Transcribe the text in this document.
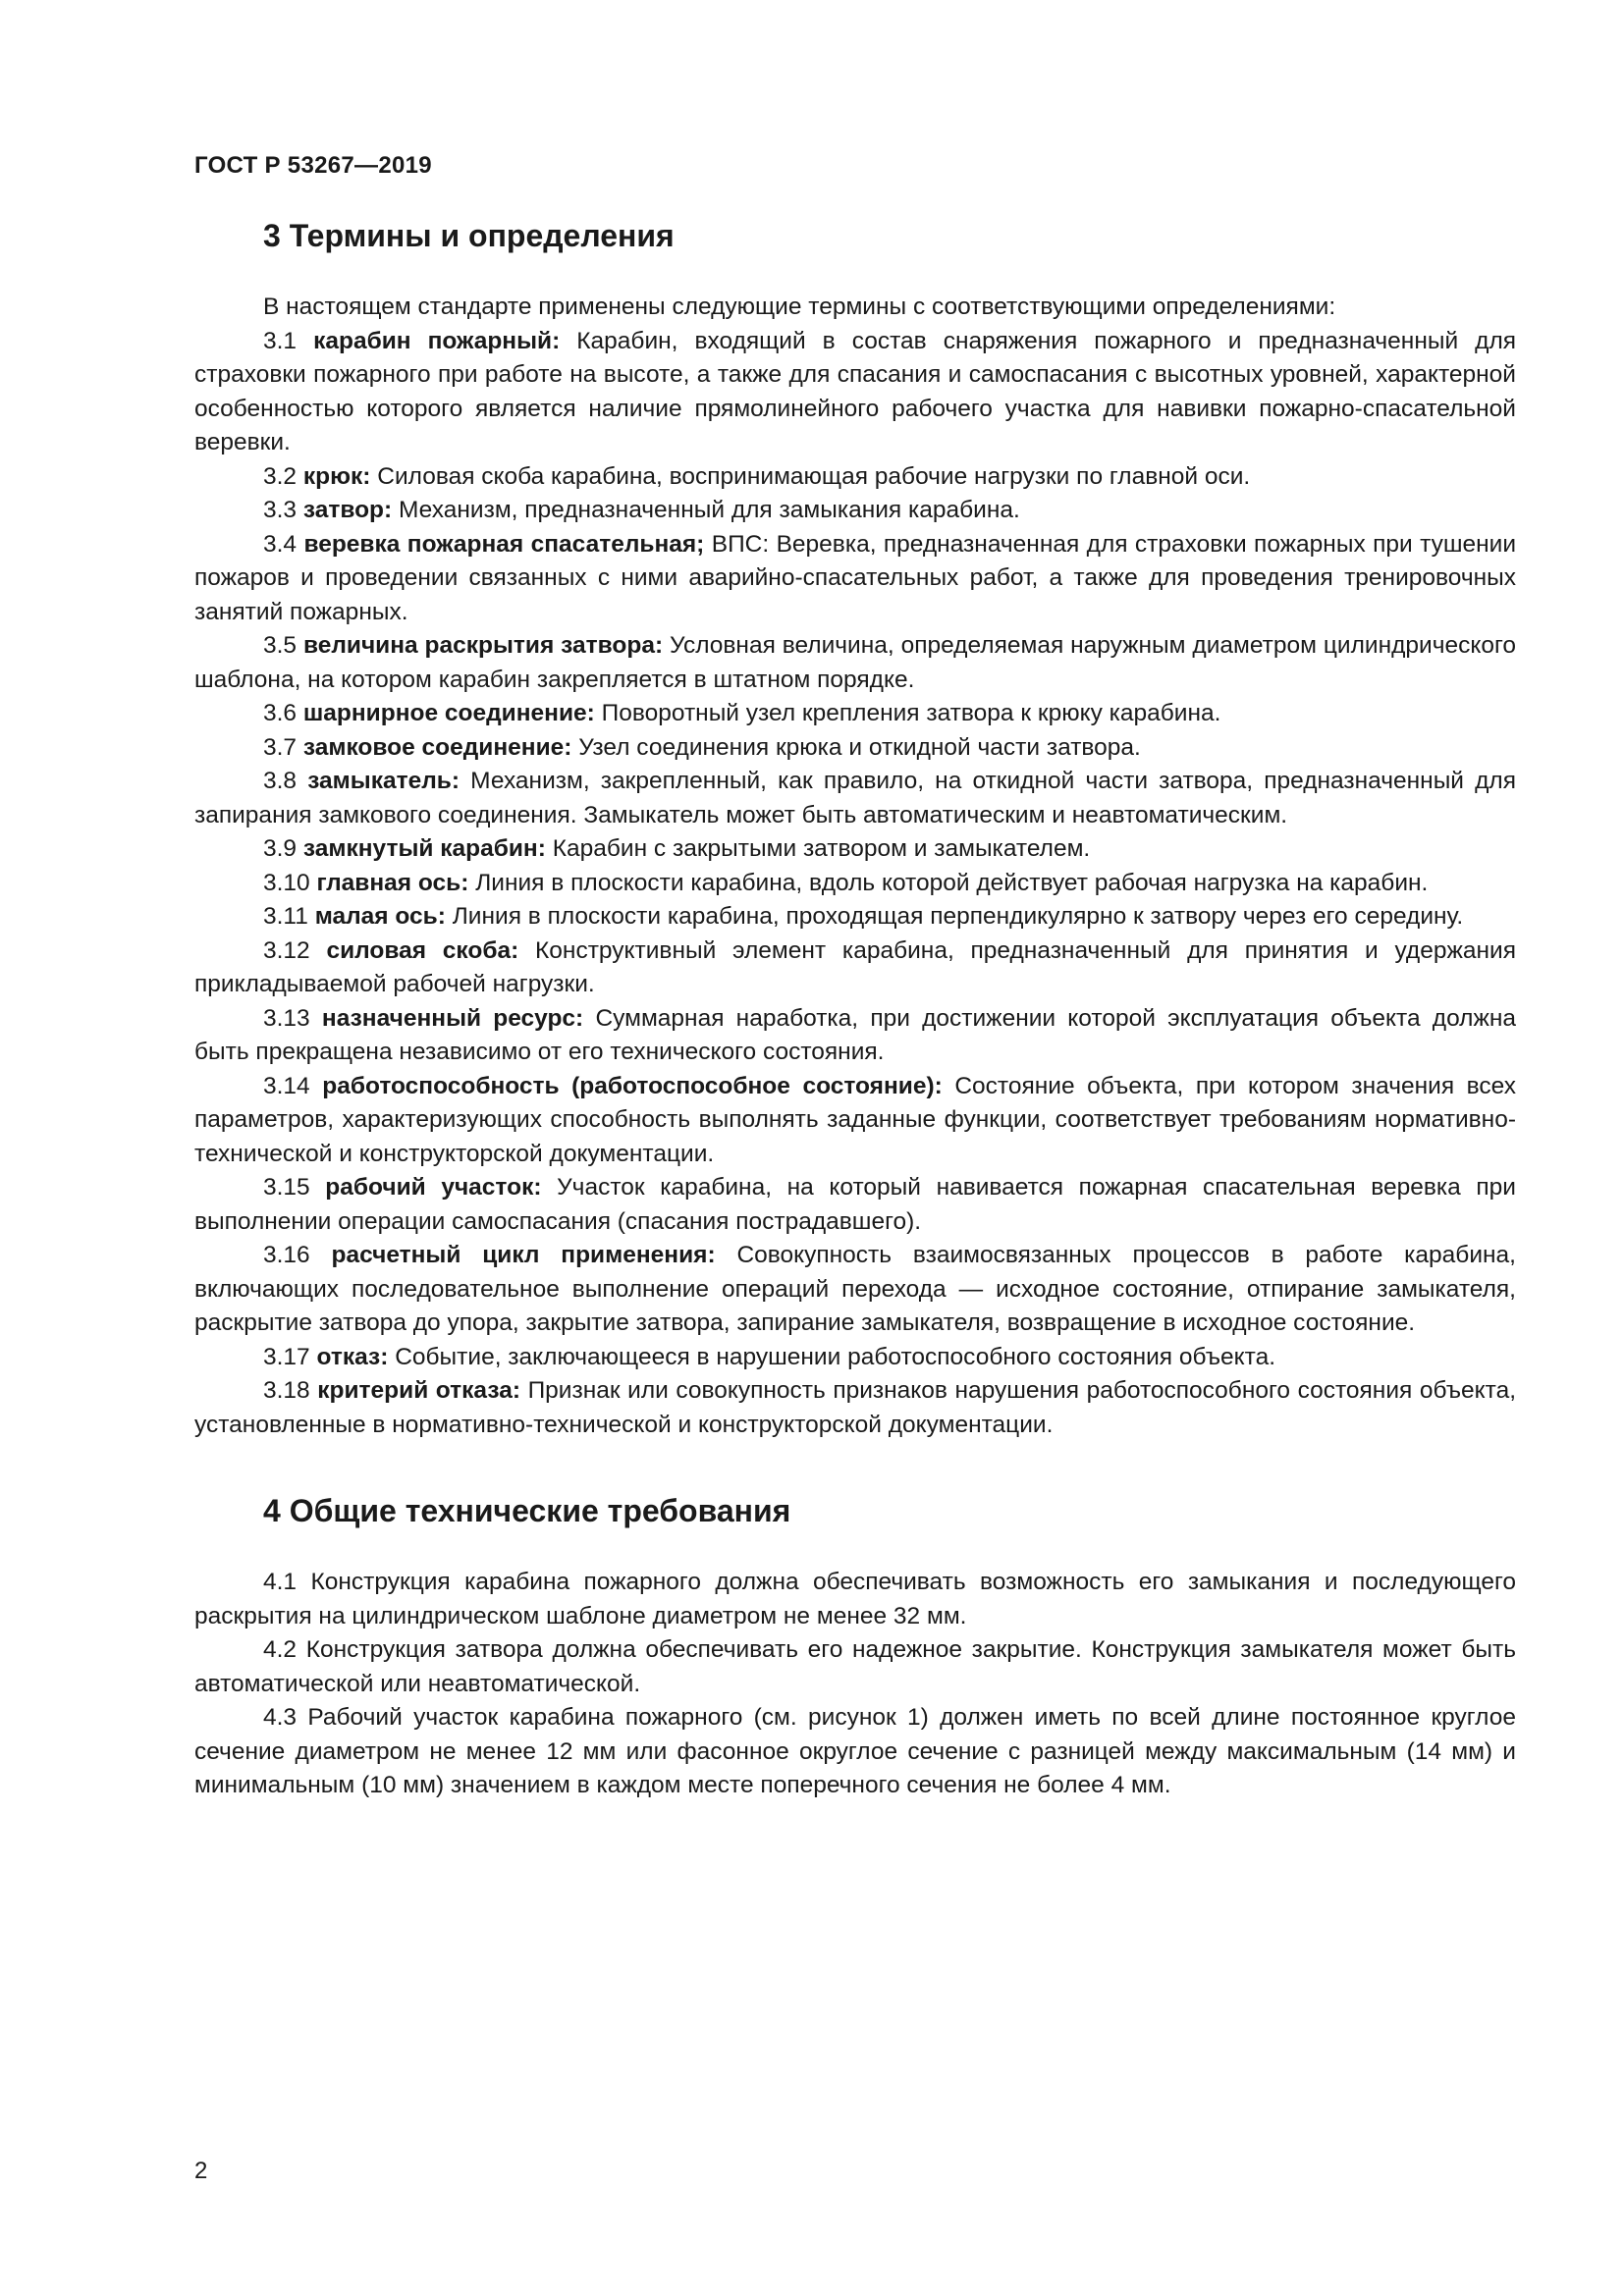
ГОСТ Р 53267—2019
3 Термины и определения

В настоящем стандарте применены следующие термины с соответствующими определениями:

3.1 карабин пожарный: Карабин, входящий в состав снаряжения пожарного и предназначенный для страховки пожарного при работе на высоте, а также для спасания и самоспасания с высотных уровней, характерной особенностью которого является наличие прямолинейного рабочего участка для навивки пожарно-спасательной веревки.

3.2 крюк: Силовая скоба карабина, воспринимающая рабочие нагрузки по главной оси.

3.3 затвор: Механизм, предназначенный для замыкания карабина.

3.4 веревка пожарная спасательная; ВПС: Веревка, предназначенная для страховки пожарных при тушении пожаров и проведении связанных с ними аварийно-спасательных работ, а также для проведения тренировочных занятий пожарных.

3.5 величина раскрытия затвора: Условная величина, определяемая наружным диаметром цилиндрического шаблона, на котором карабин закрепляется в штатном порядке.

3.6 шарнирное соединение: Поворотный узел крепления затвора к крюку карабина.

3.7 замковое соединение: Узел соединения крюка и откидной части затвора.

3.8 замыкатель: Механизм, закрепленный, как правило, на откидной части затвора, предназначенный для запирания замкового соединения. Замыкатель может быть автоматическим и неавтоматическим.

3.9 замкнутый карабин: Карабин с закрытыми затвором и замыкателем.

3.10 главная ось: Линия в плоскости карабина, вдоль которой действует рабочая нагрузка на карабин.

3.11 малая ось: Линия в плоскости карабина, проходящая перпендикулярно к затвору через его середину.

3.12 силовая скоба: Конструктивный элемент карабина, предназначенный для принятия и удержания прикладываемой рабочей нагрузки.

3.13 назначенный ресурс: Суммарная наработка, при достижении которой эксплуатация объекта должна быть прекращена независимо от его технического состояния.

3.14 работоспособность (работоспособное состояние): Состояние объекта, при котором значения всех параметров, характеризующих способность выполнять заданные функции, соответствует требованиям нормативно-технической и конструкторской документации.

3.15 рабочий участок: Участок карабина, на который навивается пожарная спасательная веревка при выполнении операции самоспасания (спасания пострадавшего).

3.16 расчетный цикл применения: Совокупность взаимосвязанных процессов в работе карабина, включающих последовательное выполнение операций перехода — исходное состояние, отпирание замыкателя, раскрытие затвора до упора, закрытие затвора, запирание замыкателя, возвращение в исходное состояние.

3.17 отказ: Событие, заключающееся в нарушении работоспособного состояния объекта.

3.18 критерий отказа: Признак или совокупность признаков нарушения работоспособного состояния объекта, установленные в нормативно-технической и конструкторской документации.

4 Общие технические требования

4.1 Конструкция карабина пожарного должна обеспечивать возможность его замыкания и последующего раскрытия на цилиндрическом шаблоне диаметром не менее 32 мм.

4.2 Конструкция затвора должна обеспечивать его надежное закрытие. Конструкция замыкателя может быть автоматической или неавтоматической.

4.3 Рабочий участок карабина пожарного (см. рисунок 1) должен иметь по всей длине постоянное круглое сечение диаметром не менее 12 мм или фасонное округлое сечение с разницей между максимальным (14 мм) и минимальным (10 мм) значением в каждом месте поперечного сечения не более 4 мм.

2
